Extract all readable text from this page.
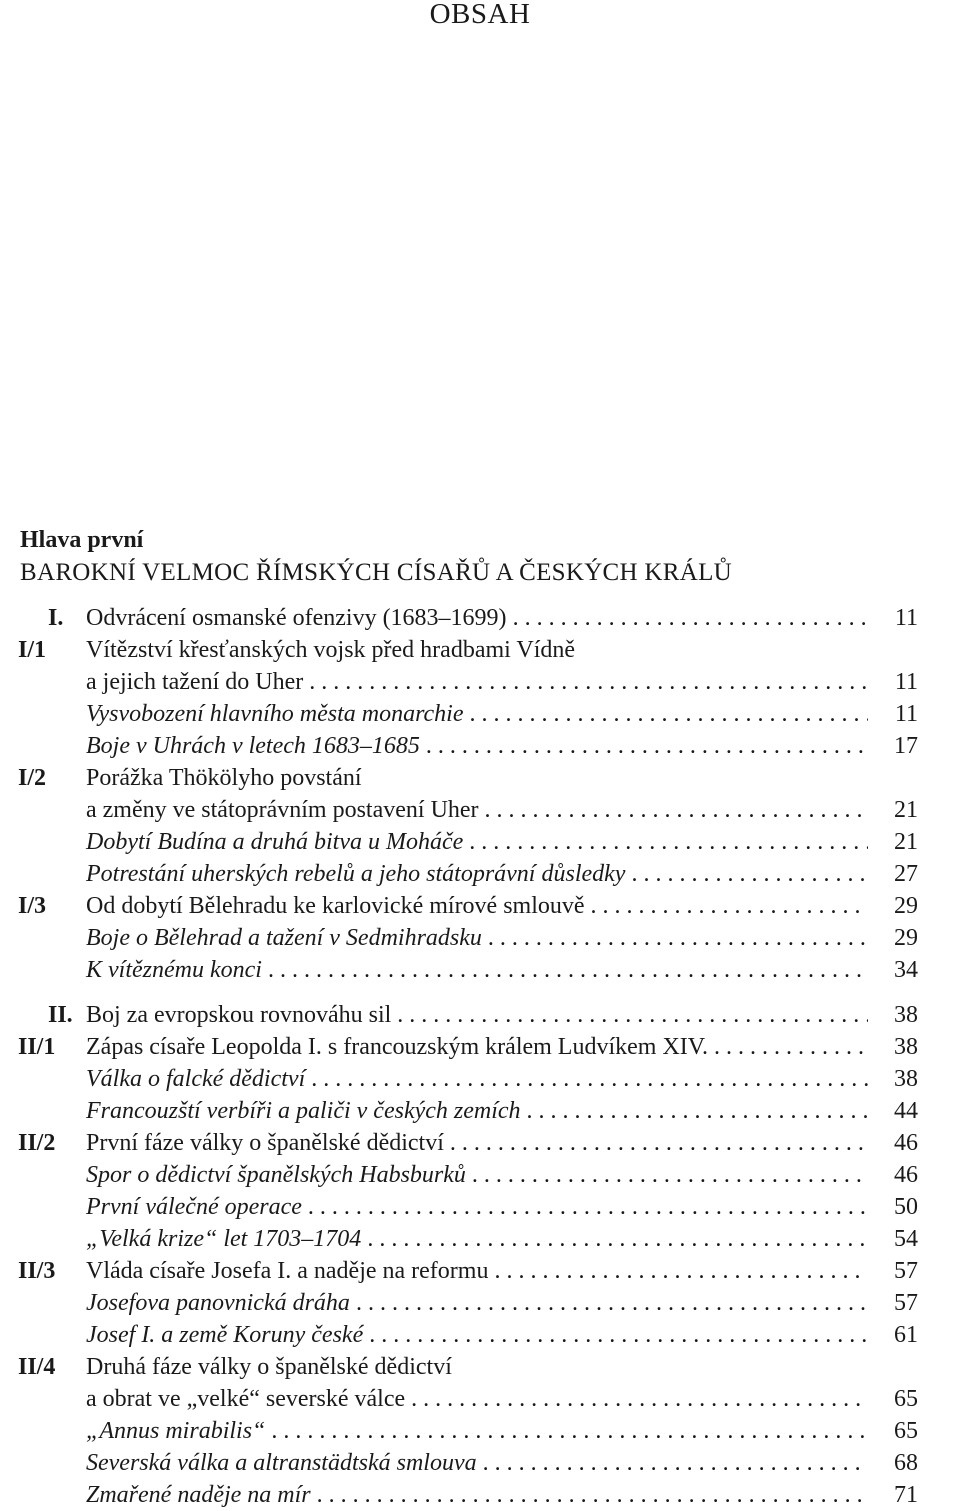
OBSAH
Hlava první
BAROKNÍ VELMOC ŘÍMSKÝCH CÍSAŘŮ A ČESKÝCH KRÁLŮ
I. Odvrácení osmanské ofenzivy (1683–1699) . . .	11
I/1	Vítězství křesťanských vojsk před hradbami Vídně
a jejich tažení do Uher . . .	11
Vysvobození hlavního města monarchie . . .	11
Boje v Uhrách v letech 1683–1685 . . .	17
I/2	Porážka Thökölyho povstání
a změny ve státoprávním postavení Uher . . .	21
Dobytí Budína a druhá bitva u Moháče . . .	21
Potrestání uherských rebelů a jeho státoprávní důsledky . . .	27
I/3	Od dobytí Bělehradu ke karlovické mírové smlouvě . . .	29
Boje o Bělehrad a tažení v Sedmihradsku . . .	29
K vítěznému konci . . .	34
II. Boj za evropskou rovnováhu sil . . .	38
II/1	Zápas císaře Leopolda I. s francouzským králem Ludvíkem XIV. . . .	38
Válka o falcké dědictví . . .	38
Francouzští verbíři a paliči v českých zemích . . .	44
II/2	První fáze války o španělské dědictví . . .	46
Spor o dědictví španělských Habsburků . . .	46
První válečné operace . . .	50
„Velká krize“ let 1703–1704 . . .	54
II/3	Vláda císaře Josefa I. a naděje na reformu . . .	57
Josefova panovnická dráha . . .	57
Josef I. a země Koruny české . . .	61
II/4	Druhá fáze války o španělské dědictví
a obrat ve „velké“ severské válce . . .	65
„Annus mirabilis“ . . .	65
Severská válka a altranstädtská smlouva . . .	68
Zmařené naděje na mír . . .	71
